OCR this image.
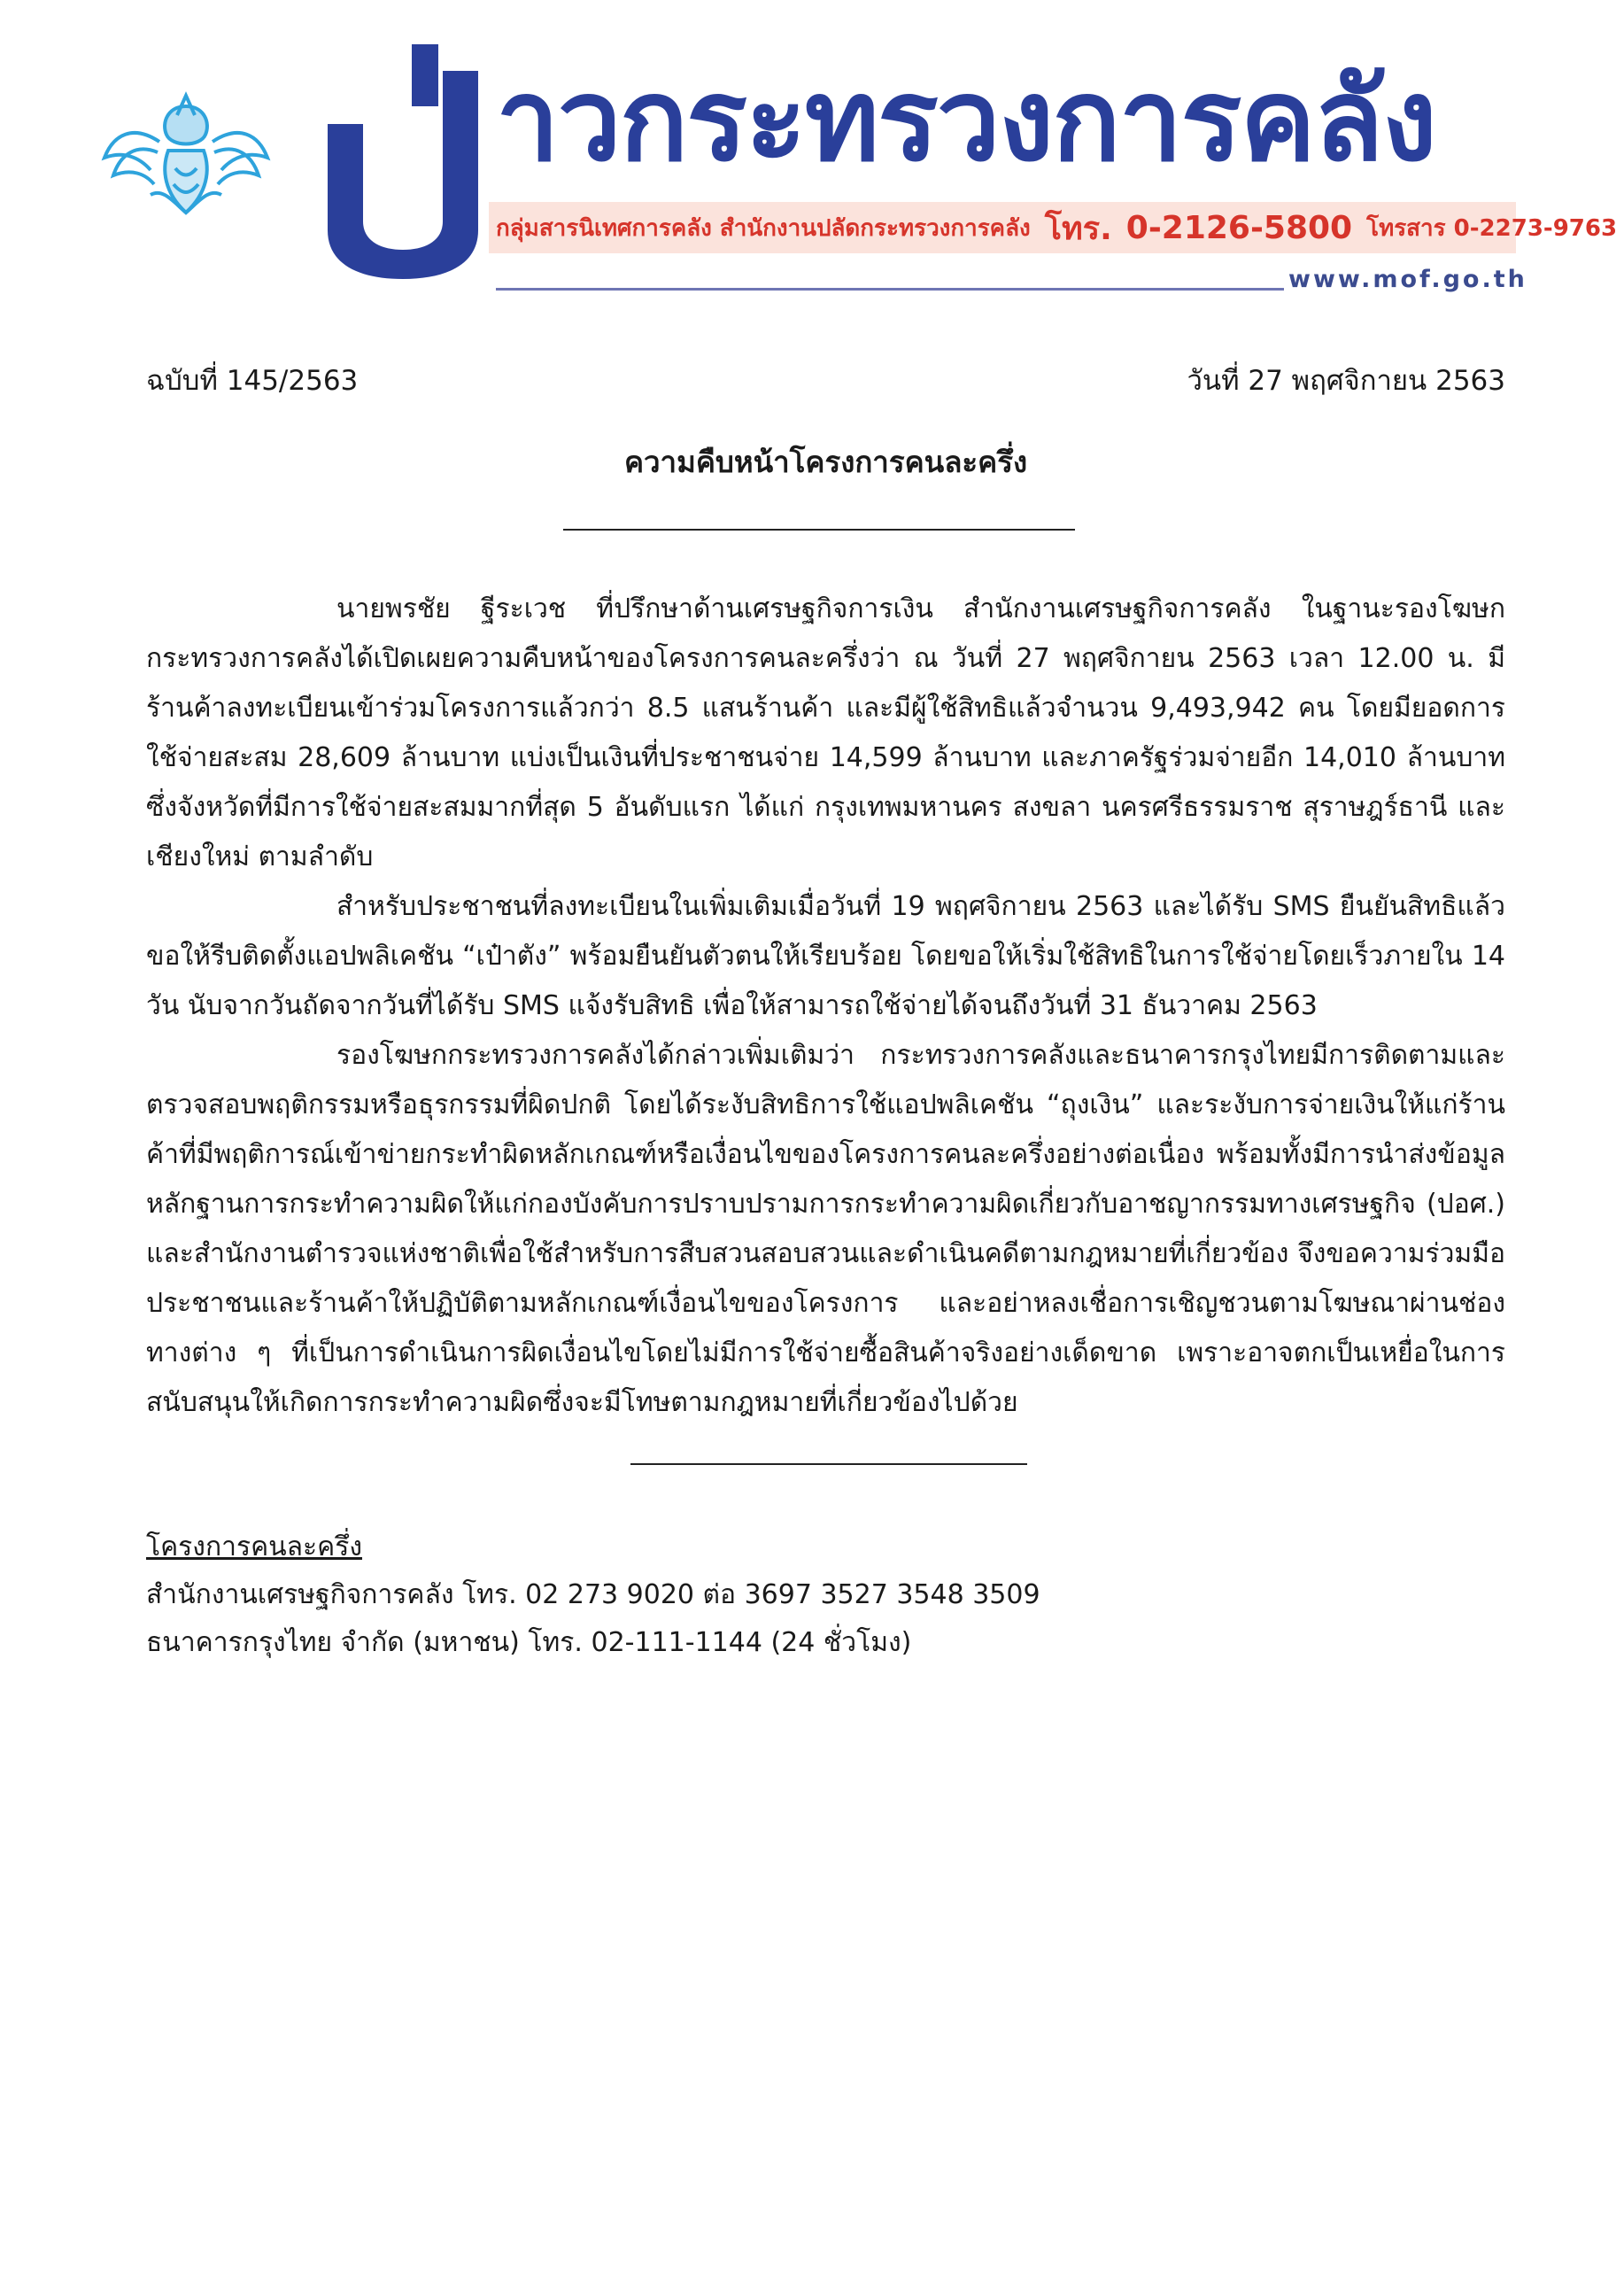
าวกระทรวงการคลัง
กลุ่มสารนิเทศการคลัง สำนักงานปลัดกระทรวงการคลัง โทร. 0-2126-5800 โทรสาร 0-2273-9763
www.mof.go.th
ฉบับที่ 145/2563	วันที่ 27 พฤศจิกายน 2563
ความคืบหน้าโครงการคนละครึ่ง

นายพรชัย ฐีระเวช ที่ปรึกษาด้านเศรษฐกิจการเงิน สำนักงานเศรษฐกิจการคลัง ในฐานะรองโฆษกกระทรวงการคลังได้เปิดเผยความคืบหน้าของโครงการคนละครึ่งว่า ณ วันที่ 27 พฤศจิกายน 2563 เวลา 12.00 น. มีร้านค้าลงทะเบียนเข้าร่วมโครงการแล้วกว่า 8.5 แสนร้านค้า และมีผู้ใช้สิทธิแล้วจำนวน 9,493,942 คน โดยมียอดการใช้จ่ายสะสม 28,609 ล้านบาท แบ่งเป็นเงินที่ประชาชนจ่าย 14,599 ล้านบาท และภาครัฐร่วมจ่ายอีก 14,010 ล้านบาท ซึ่งจังหวัดที่มีการใช้จ่ายสะสมมากที่สุด 5 อันดับแรก ได้แก่ กรุงเทพมหานคร สงขลา นครศรีธรรมราช สุราษฎร์ธานี และเชียงใหม่ ตามลำดับ

สำหรับประชาชนที่ลงทะเบียนในเพิ่มเติมเมื่อวันที่ 19 พฤศจิกายน 2563 และได้รับ SMS ยืนยันสิทธิแล้ว ขอให้รีบติดตั้งแอปพลิเคชัน “เป๋าตัง” พร้อมยืนยันตัวตนให้เรียบร้อย โดยขอให้เริ่มใช้สิทธิในการใช้จ่ายโดยเร็วภายใน 14 วัน นับจากวันถัดจากวันที่ได้รับ SMS แจ้งรับสิทธิ เพื่อให้สามารถใช้จ่ายได้จนถึงวันที่ 31 ธันวาคม 2563

รองโฆษกกระทรวงการคลังได้กล่าวเพิ่มเติมว่า กระทรวงการคลังและธนาคารกรุงไทยมีการติดตามและตรวจสอบพฤติกรรมหรือธุรกรรมที่ผิดปกติ โดยได้ระงับสิทธิการใช้แอปพลิเคชัน “ถุงเงิน” และระงับการจ่ายเงินให้แก่ร้านค้าที่มีพฤติการณ์เข้าข่ายกระทำผิดหลักเกณฑ์หรือเงื่อนไขของโครงการคนละครึ่งอย่างต่อเนื่อง พร้อมทั้งมีการนำส่งข้อมูลหลักฐานการกระทำความผิดให้แก่กองบังคับการปราบปรามการกระทำความผิดเกี่ยวกับอาชญากรรมทางเศรษฐกิจ (ปอศ.) และสำนักงานตำรวจแห่งชาติเพื่อใช้สำหรับการสืบสวนสอบสวนและดำเนินคดีตามกฎหมายที่เกี่ยวข้อง จึงขอความร่วมมือประชาชนและร้านค้าให้ปฏิบัติตามหลักเกณฑ์เงื่อนไขของโครงการ และอย่าหลงเชื่อการเชิญชวนตามโฆษณาผ่านช่องทางต่าง ๆ ที่เป็นการดำเนินการผิดเงื่อนไขโดยไม่มีการใช้จ่ายซื้อสินค้าจริงอย่างเด็ดขาด เพราะอาจตกเป็นเหยื่อในการสนับสนุนให้เกิดการกระทำความผิดซึ่งจะมีโทษตามกฎหมายที่เกี่ยวข้องไปด้วย

โครงการคนละครึ่ง
สำนักงานเศรษฐกิจการคลัง โทร. 02 273 9020 ต่อ 3697 3527 3548 3509
ธนาคารกรุงไทย จำกัด (มหาชน) โทร. 02-111-1144 (24 ชั่วโมง)
